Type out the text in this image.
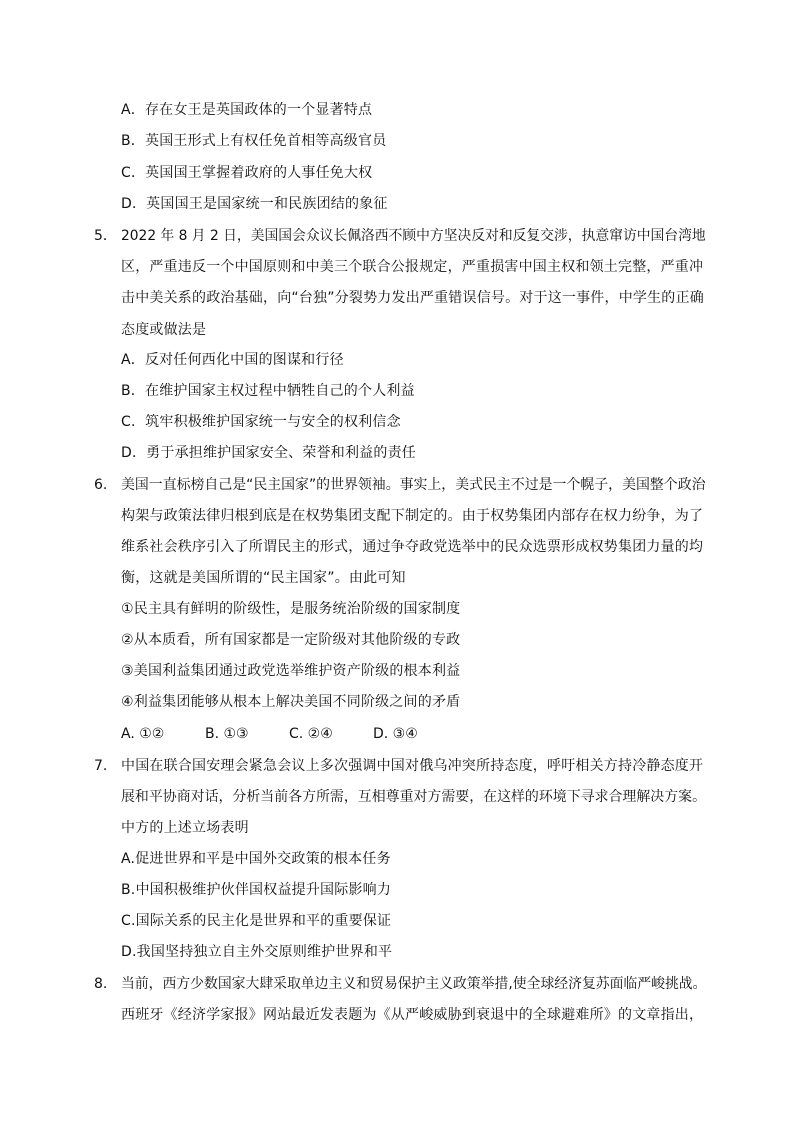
A．存在女王是英国政体的一个显著特点
B．英国王形式上有权任免首相等高级官员
C．英国国王掌握着政府的人事任免大权
D．英国国王是国家统一和民族团结的象征
5． 2022 年 8 月 2 日，美国国会众议长佩洛西不顾中方坚决反对和反复交涉，执意窜访中国台湾地
区，严重违反一个中国原则和中美三个联合公报规定，严重损害中国主权和领土完整，严重冲
击中美关系的政治基础，向“台独”分裂势力发出严重错误信号。对于这一事件，中学生的正确
态度或做法是
A．反对任何西化中国的图谋和行径
B．在维护国家主权过程中牺牲自己的个人利益
C．筑牢积极维护国家统一与安全的权利信念
D．勇于承担维护国家安全、荣誉和利益的责任
6. 美国一直标榜自己是“民主国家”的世界领袖。事实上，美式民主不过是一个幌子，美国整个政治
构架与政策法律归根到底是在权势集团支配下制定的。由于权势集团内部存在权力纷争，为了
维系社会秩序引入了所谓民主的形式，通过争夺政党选举中的民众选票形成权势集团力量的均
衡，这就是美国所谓的“民主国家”。由此可知
①民主具有鲜明的阶级性，是服务统治阶级的国家制度
②从本质看，所有国家都是一定阶级对其他阶级的专政
③美国利益集团通过政党选举维护资产阶级的根本利益
④利益集团能够从根本上解决美国不同阶级之间的矛盾
A. ①②	B. ①③	C. ②④	D. ③④
7. 中国在联合国安理会紧急会议上多次强调中国对俄乌冲突所持态度，呼吁相关方持冷静态度开
展和平协商对话，分析当前各方所需，互相尊重对方需要，在这样的环境下寻求合理解决方案。
中方的上述立场表明
A.促进世界和平是中国外交政策的根本任务
B.中国积极维护伙伴国权益提升国际影响力
C.国际关系的民主化是世界和平的重要保证
D.我国坚持独立自主外交原则维护世界和平
8. 当前，西方少数国家大肆采取单边主义和贸易保护主义政策举措,使全球经济复苏面临严峻挑战。
西班牙《经济学家报》网站最近发表题为《从严峻威胁到衰退中的全球避难所》的文章指出，
